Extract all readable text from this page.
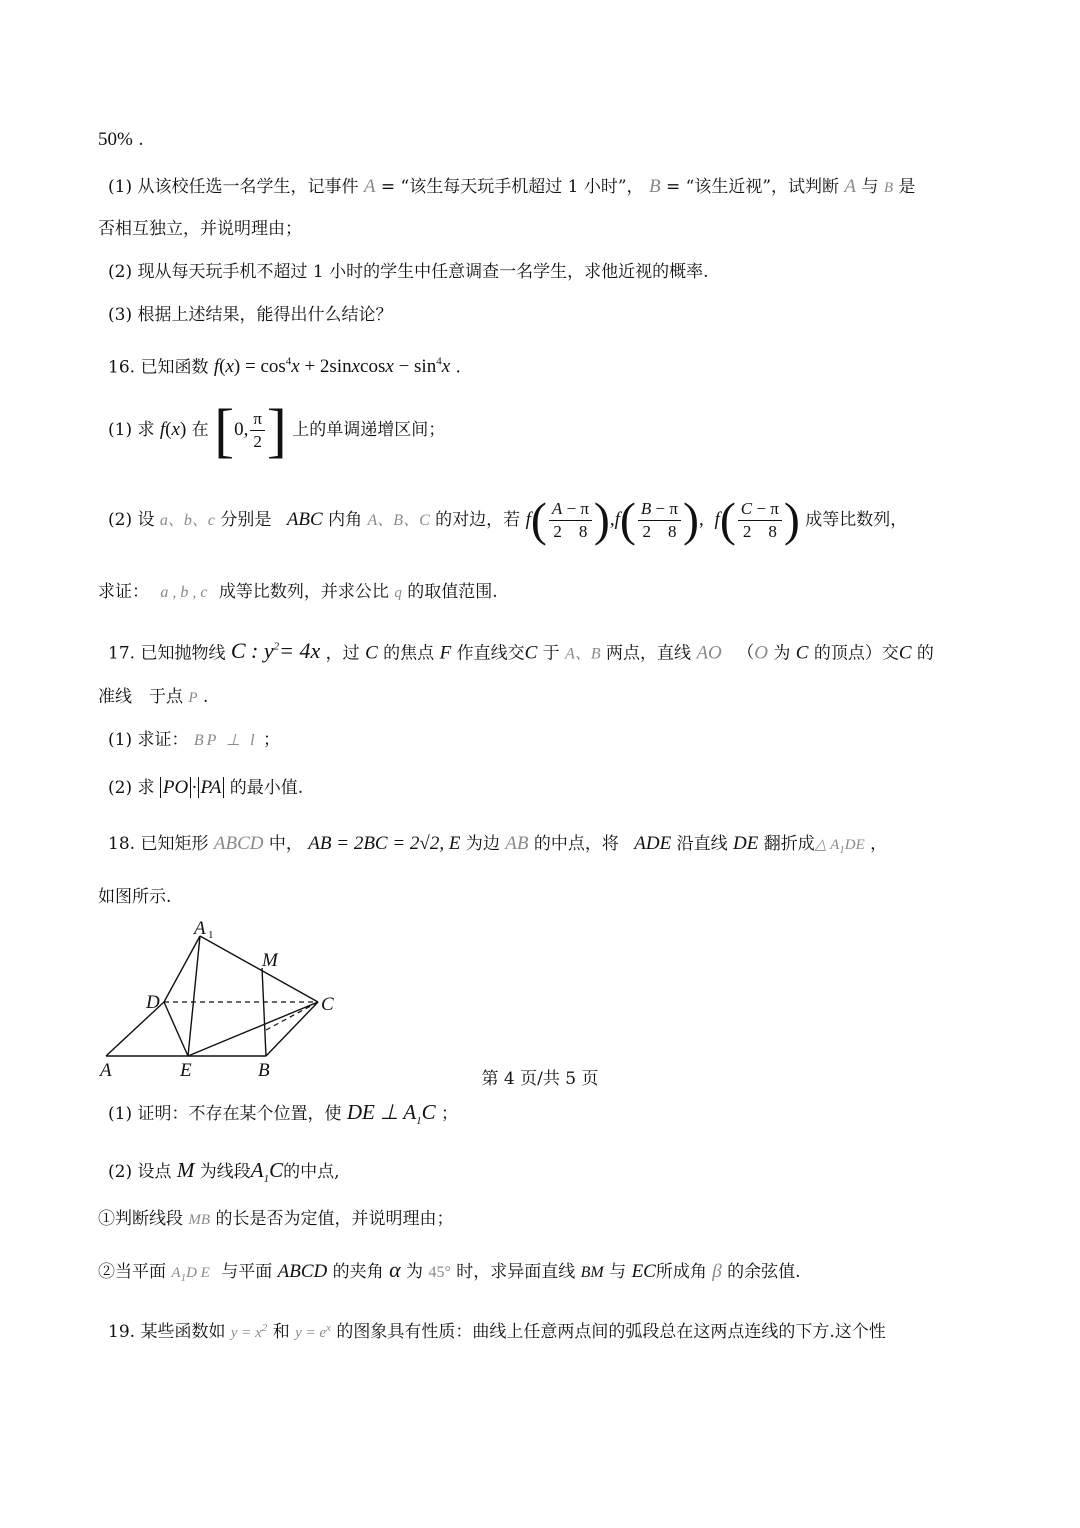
50% .
(1) 从该校任选一名学生，记事件 A = “该生每天玩手机超过 1 小时”， B = “该生近视”，试判断 A 与 B 是
否相互独立，并说明理由；
(2) 现从每天玩手机不超过 1 小时的学生中任意调查一名学生，求他近视的概率.
(3) 根据上述结果，能得出什么结论？
16. 已知函数 $f(x) = \cos^4x$ + 2sinxcosx − $\sin^4x$ .
(1) 求 f(x) 在 [0, $\frac{\pi}{2}$ ] 上的单调递增区间；
(2) 设 a、b、c 分别是 ABC 内角 A、B、C 的对边，若 $f( \frac{A - \pi}{2 8} ),f( \frac{B - \pi}{2 8}$ ), $f( \frac{C - \pi}{2 8}$ ) 成等比数列，
求证： a , b , c 成等比数列，并求公比 q 的取值范围.
17. 已知抛物线 C : $y^2= 4x$ ，过 C 的焦点 F 作直线交C 于 A、B 两点，直线 AO （O 为 C 的顶点）交C 的
准线　于点 P .
(1) 求证： BP ⊥ l ；
(2) 求 PO · PA 的最小值.
18. 已知矩形 ABCD 中， AB = 2BC = 2√2, E 为边 AB 的中点，将 ADE 沿直线 DE 翻折成△ $A_1DE$ ，
如图所示.
A 1
M
D	C
A	E	B
(1) 证明：不存在某个位置，使 DE ⊥ $A_1C$ ；
(2) 设点 M 为线段$A_1C$的中点,
①判断线段 MB 的长是否为定值，并说明理由；
②当平面 $A_1D$ E 与平面 ABCD 的夹角 α 为 45° 时，求异面直线 BM 与 EC所成角 β 的余弦值.
19. 某些函数如 $y = x^2$ 和 $y = e^x$ 的图象具有性质：曲线上任意两点间的弧段总在这两点连线的下方.这个性
第 4 页/共 5 页
